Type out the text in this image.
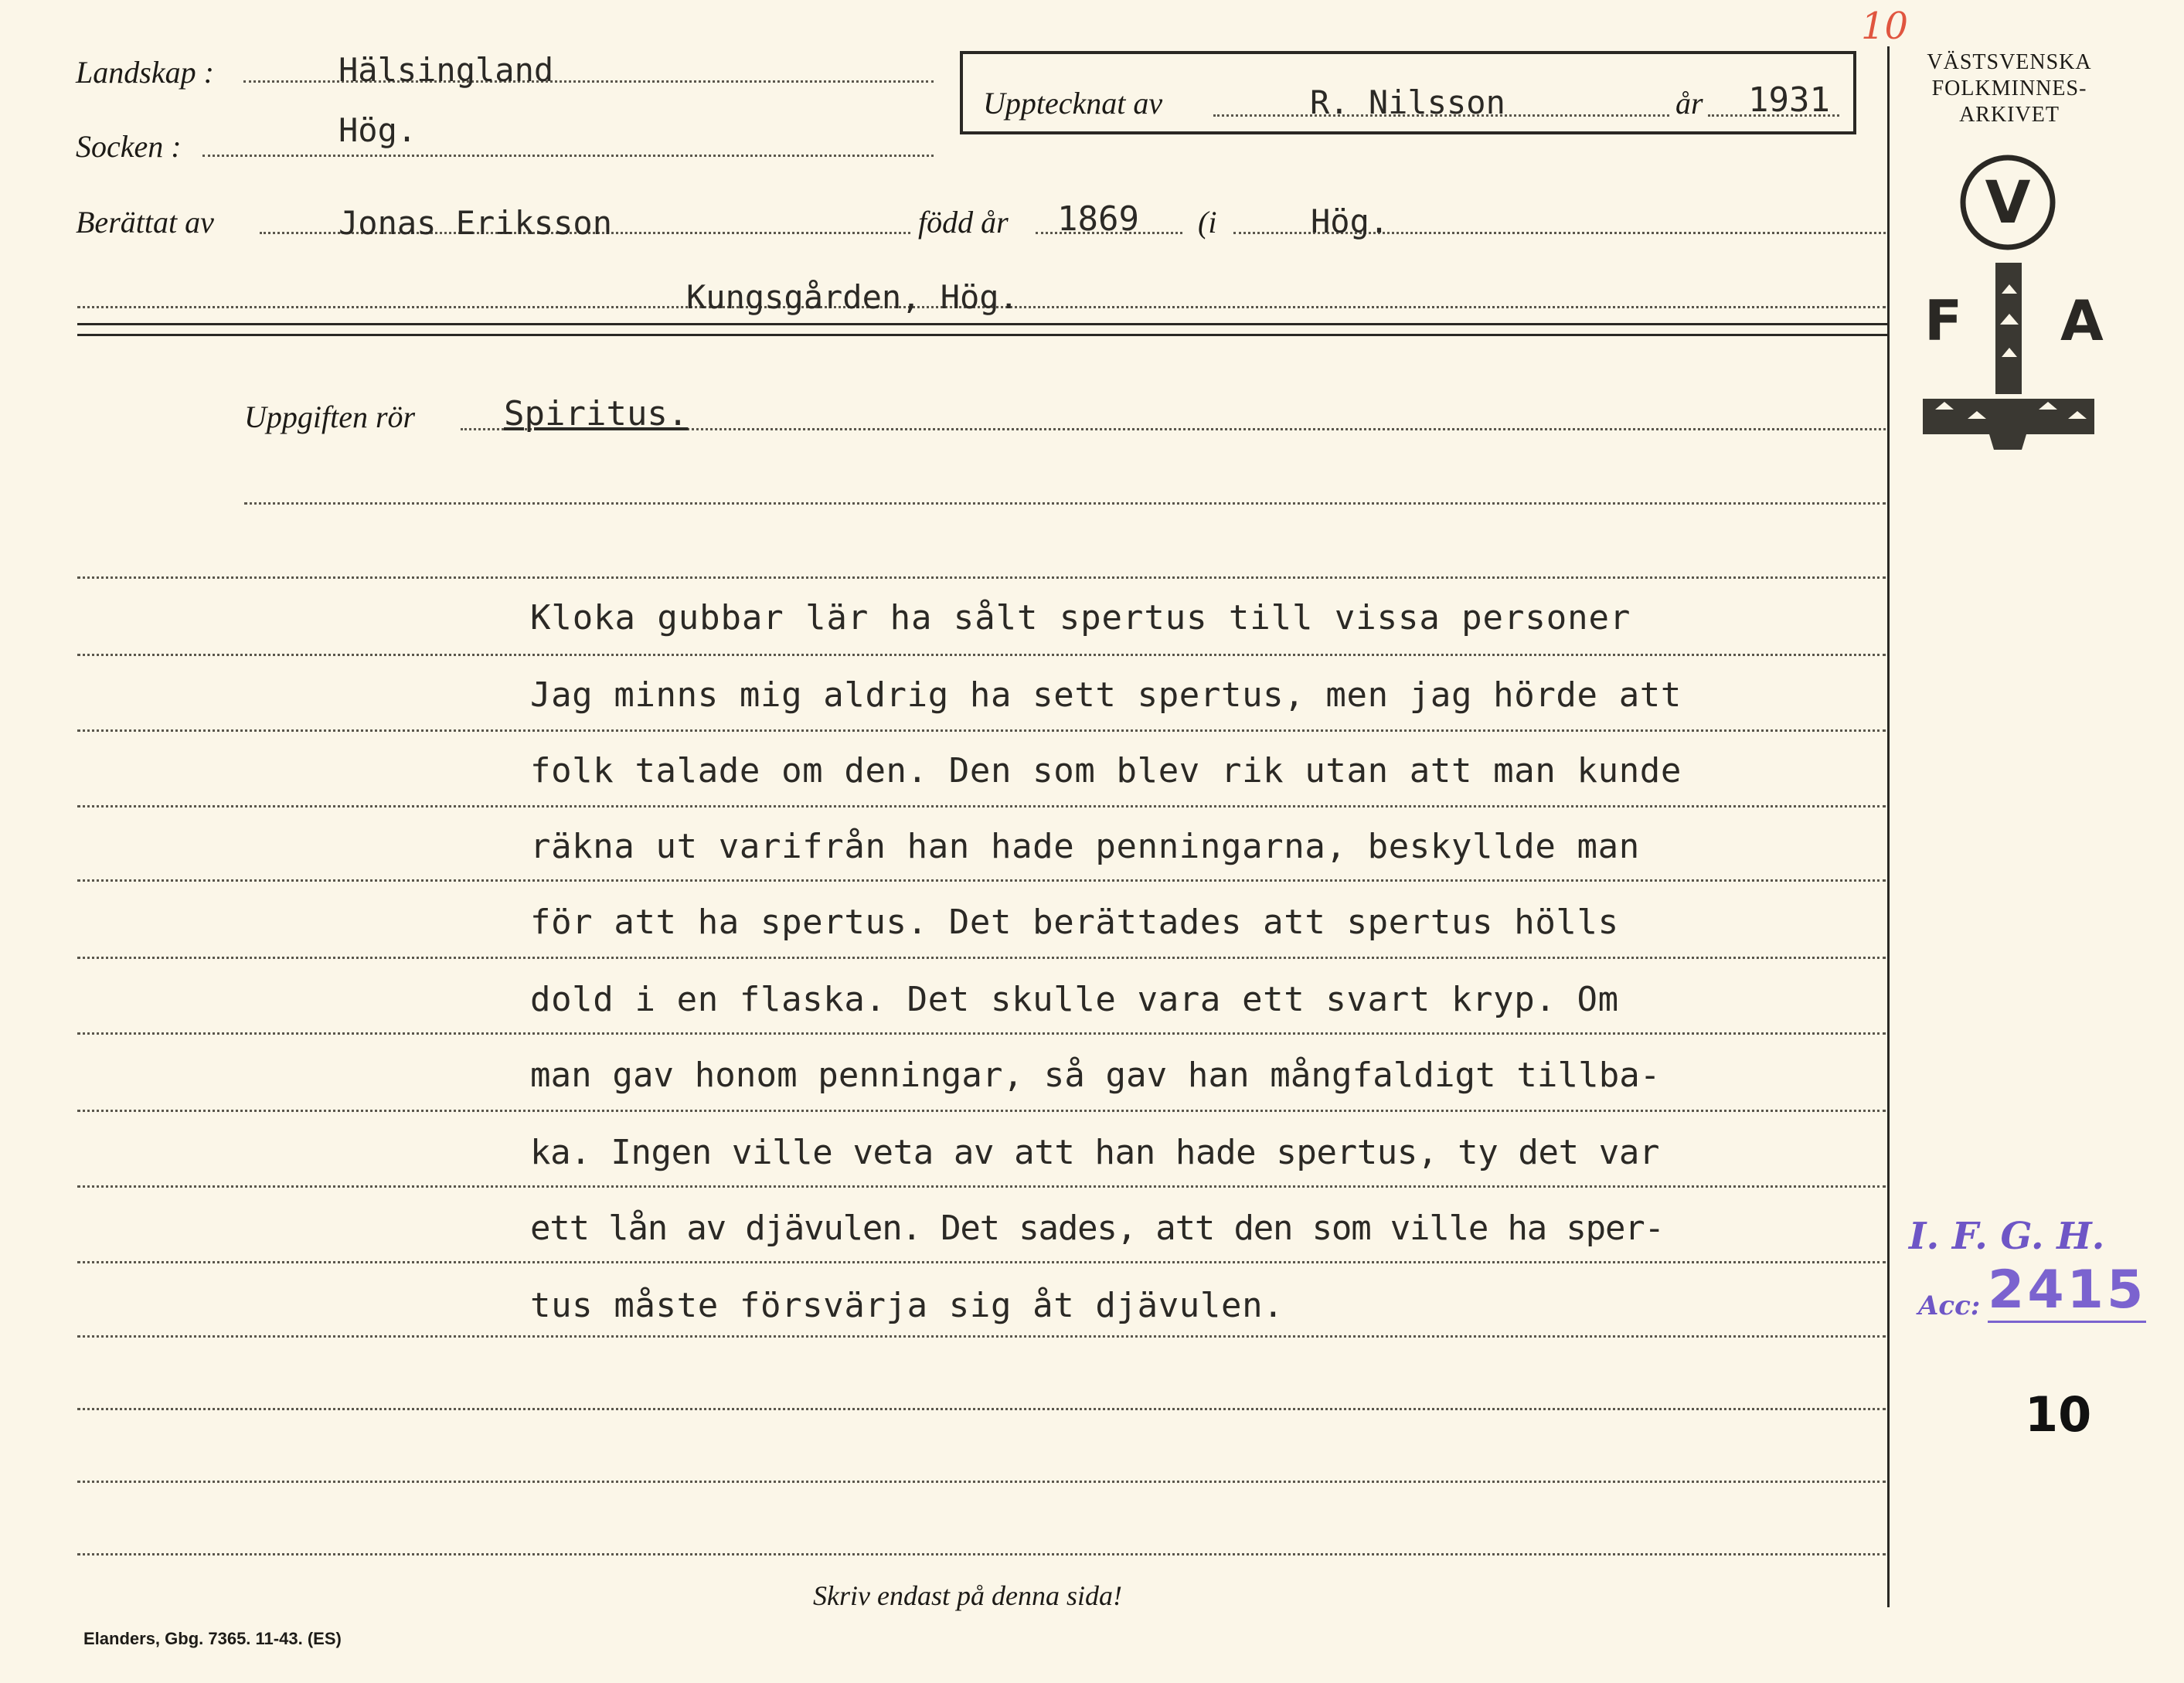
Landskap :	Hälsingland
Socken :	Hög.
Upptecknat av	R. Nilsson	år 1931
Berättat av	Jonas Eriksson	född år 1869 (i	Hög.
Kungsgården, Hög.
10
VÄSTSVENSKA
FOLKMINNES-
ARKIVET
V
F A
Uppgiften rör	Spiritus.
Kloka gubbar lär ha sålt spertus till vissa personer
Jag minns mig aldrig ha sett spertus, men jag hörde att
folk talade om den. Den som blev rik utan att man kunde
räkna ut varifrån han hade penningarna, beskyllde man
för att ha spertus. Det berättades att spertus hölls
dold i en flaska. Det skulle vara ett svart kryp. Om
man gav honom penningar, så gav han mångfaldigt tillba-
ka. Ingen ville veta av att han hade spertus, ty det var
ett lån av djävulen. Det sades, att den som ville ha sper-
tus måste försvärja sig åt djävulen.
I. F. G. H.
Acc: 2415
10
Skriv endast på denna sida!
Elanders, Gbg. 7365. 11-43. (ES)
